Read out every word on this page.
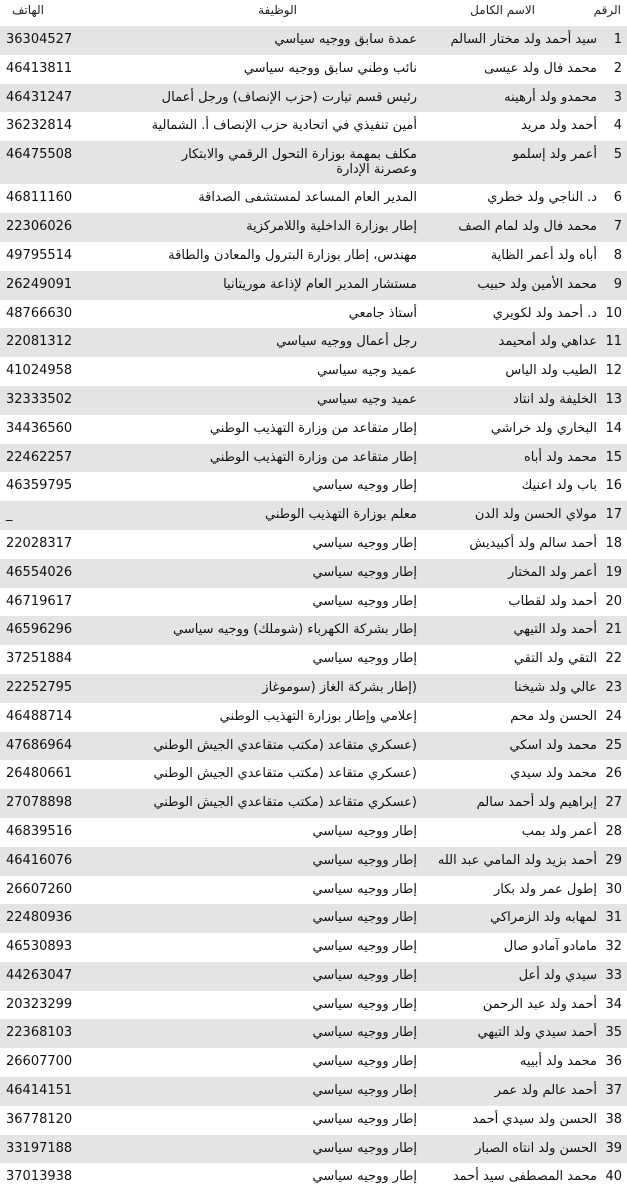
الرقم
الاسم الكامل
الوظيفة
الهاتف
1
سيد أحمد ولد مختار السالم
عمدة سابق ووجيه سياسي
36304527
2
محمد فال ولد عيسى
نائب وطني سابق ووجيه سياسي
46413811
3
محمدو ولد أرهينه
رئيس قسم تيارت (حزب الإنصاف) ورجل أعمال
46431247
4
أحمد ولد مريد
أمين تنفيذي في اتحادية حزب الإنصاف أ. الشمالية
36232814
5
أعمر ولد إسلمو
مكلف بمهمة بوزارة التحول الرقمي والابتكار وعصرنة الإدارة
46475508
6
د. الناجي ولد خطري
المدير العام المساعد لمستشفى الصداقة
46811160
7
محمد فال ولد لمام الصف
إطار بوزارة الداخلية واللامركزية
22306026
8
أباه ولد أعمر الظاية
مهندس، إطار بوزارة البترول والمعادن والطاقة
49795514
9
محمد الأمين ولد حبيب
مستشار المدير العام لإذاعة موريتانيا
26249091
10
د. أحمد ولد لكويري
أستاذ جامعي
48766630
11
عداهي ولد أمحيمد
رجل أعمال ووجيه سياسي
22081312
12
الطيب ولد الياس
عميد وجيه سياسي
41024958
13
الخليفة ولد انتاد
عميد وجيه سياسي
32333502
14
البخاري ولد خراشي
إطار متقاعد من وزارة التهذيب الوطني
34436560
15
محمد ولد أباه
إطار متقاعد من وزارة التهذيب الوطني
22462257
16
باب ولد اعنيك
إطار ووجيه سياسي
46359795
17
مولاي الحسن ولد الدن
معلم بوزارة التهذيب الوطني
_
18
أحمد سالم ولد أكبيديش
إطار ووجيه سياسي
22028317
19
أعمر ولد المختار
إطار ووجيه سياسي
46554026
20
أحمد ولد لقطاب
إطار ووجيه سياسي
46719617
21
أحمد ولد التيهي
إطار بشركة الكهرباء (شوملك) ووجيه سياسي
46596296
22
التقي ولد التقي
إطار ووجيه سياسي
37251884
23
عالي ولد شيخنا
(إطار بشركة الغاز (سوموغاز
22252795
24
الحسن ولد محم
إعلامي وإطار بوزارة التهذيب الوطني
46488714
25
محمد ولد اسكي
(عسكري متقاعد (مكتب متقاعدي الجيش الوطني
47686964
26
محمد ولد سيدي
(عسكري متقاعد (مكتب متقاعدي الجيش الوطني
26480661
27
إبراهيم ولد أحمد سالم
(عسكري متقاعد (مكتب متقاعدي الجيش الوطني
27078898
28
أعمر ولد بمب
إطار ووجيه سياسي
46839516
29
أحمد بزيد ولد المامي عبد الله
إطار ووجيه سياسي
46416076
30
إطول عمر ولد بكار
إطار ووجيه سياسي
26607260
31
لمهابه ولد الزمراكي
إطار ووجيه سياسي
22480936
32
مامادو آمادو صال
إطار ووجيه سياسي
46530893
33
سيدي ولد أعل
إطار ووجيه سياسي
44263047
34
أحمد ولد عبد الرحمن
إطار ووجيه سياسي
20323299
35
أحمد سيدي ولد التيهي
إطار ووجيه سياسي
22368103
36
محمد ولد أبييه
إطار ووجيه سياسي
26607700
37
أحمد عالم ولد عمر
إطار ووجيه سياسي
46414151
38
الحسن ولد سيدي أحمد
إطار ووجيه سياسي
36778120
39
الحسن ولد انتاه الصبار
إطار ووجيه سياسي
33197188
40
محمد المصطفى سيد أحمد
إطار ووجيه سياسي
37013938
